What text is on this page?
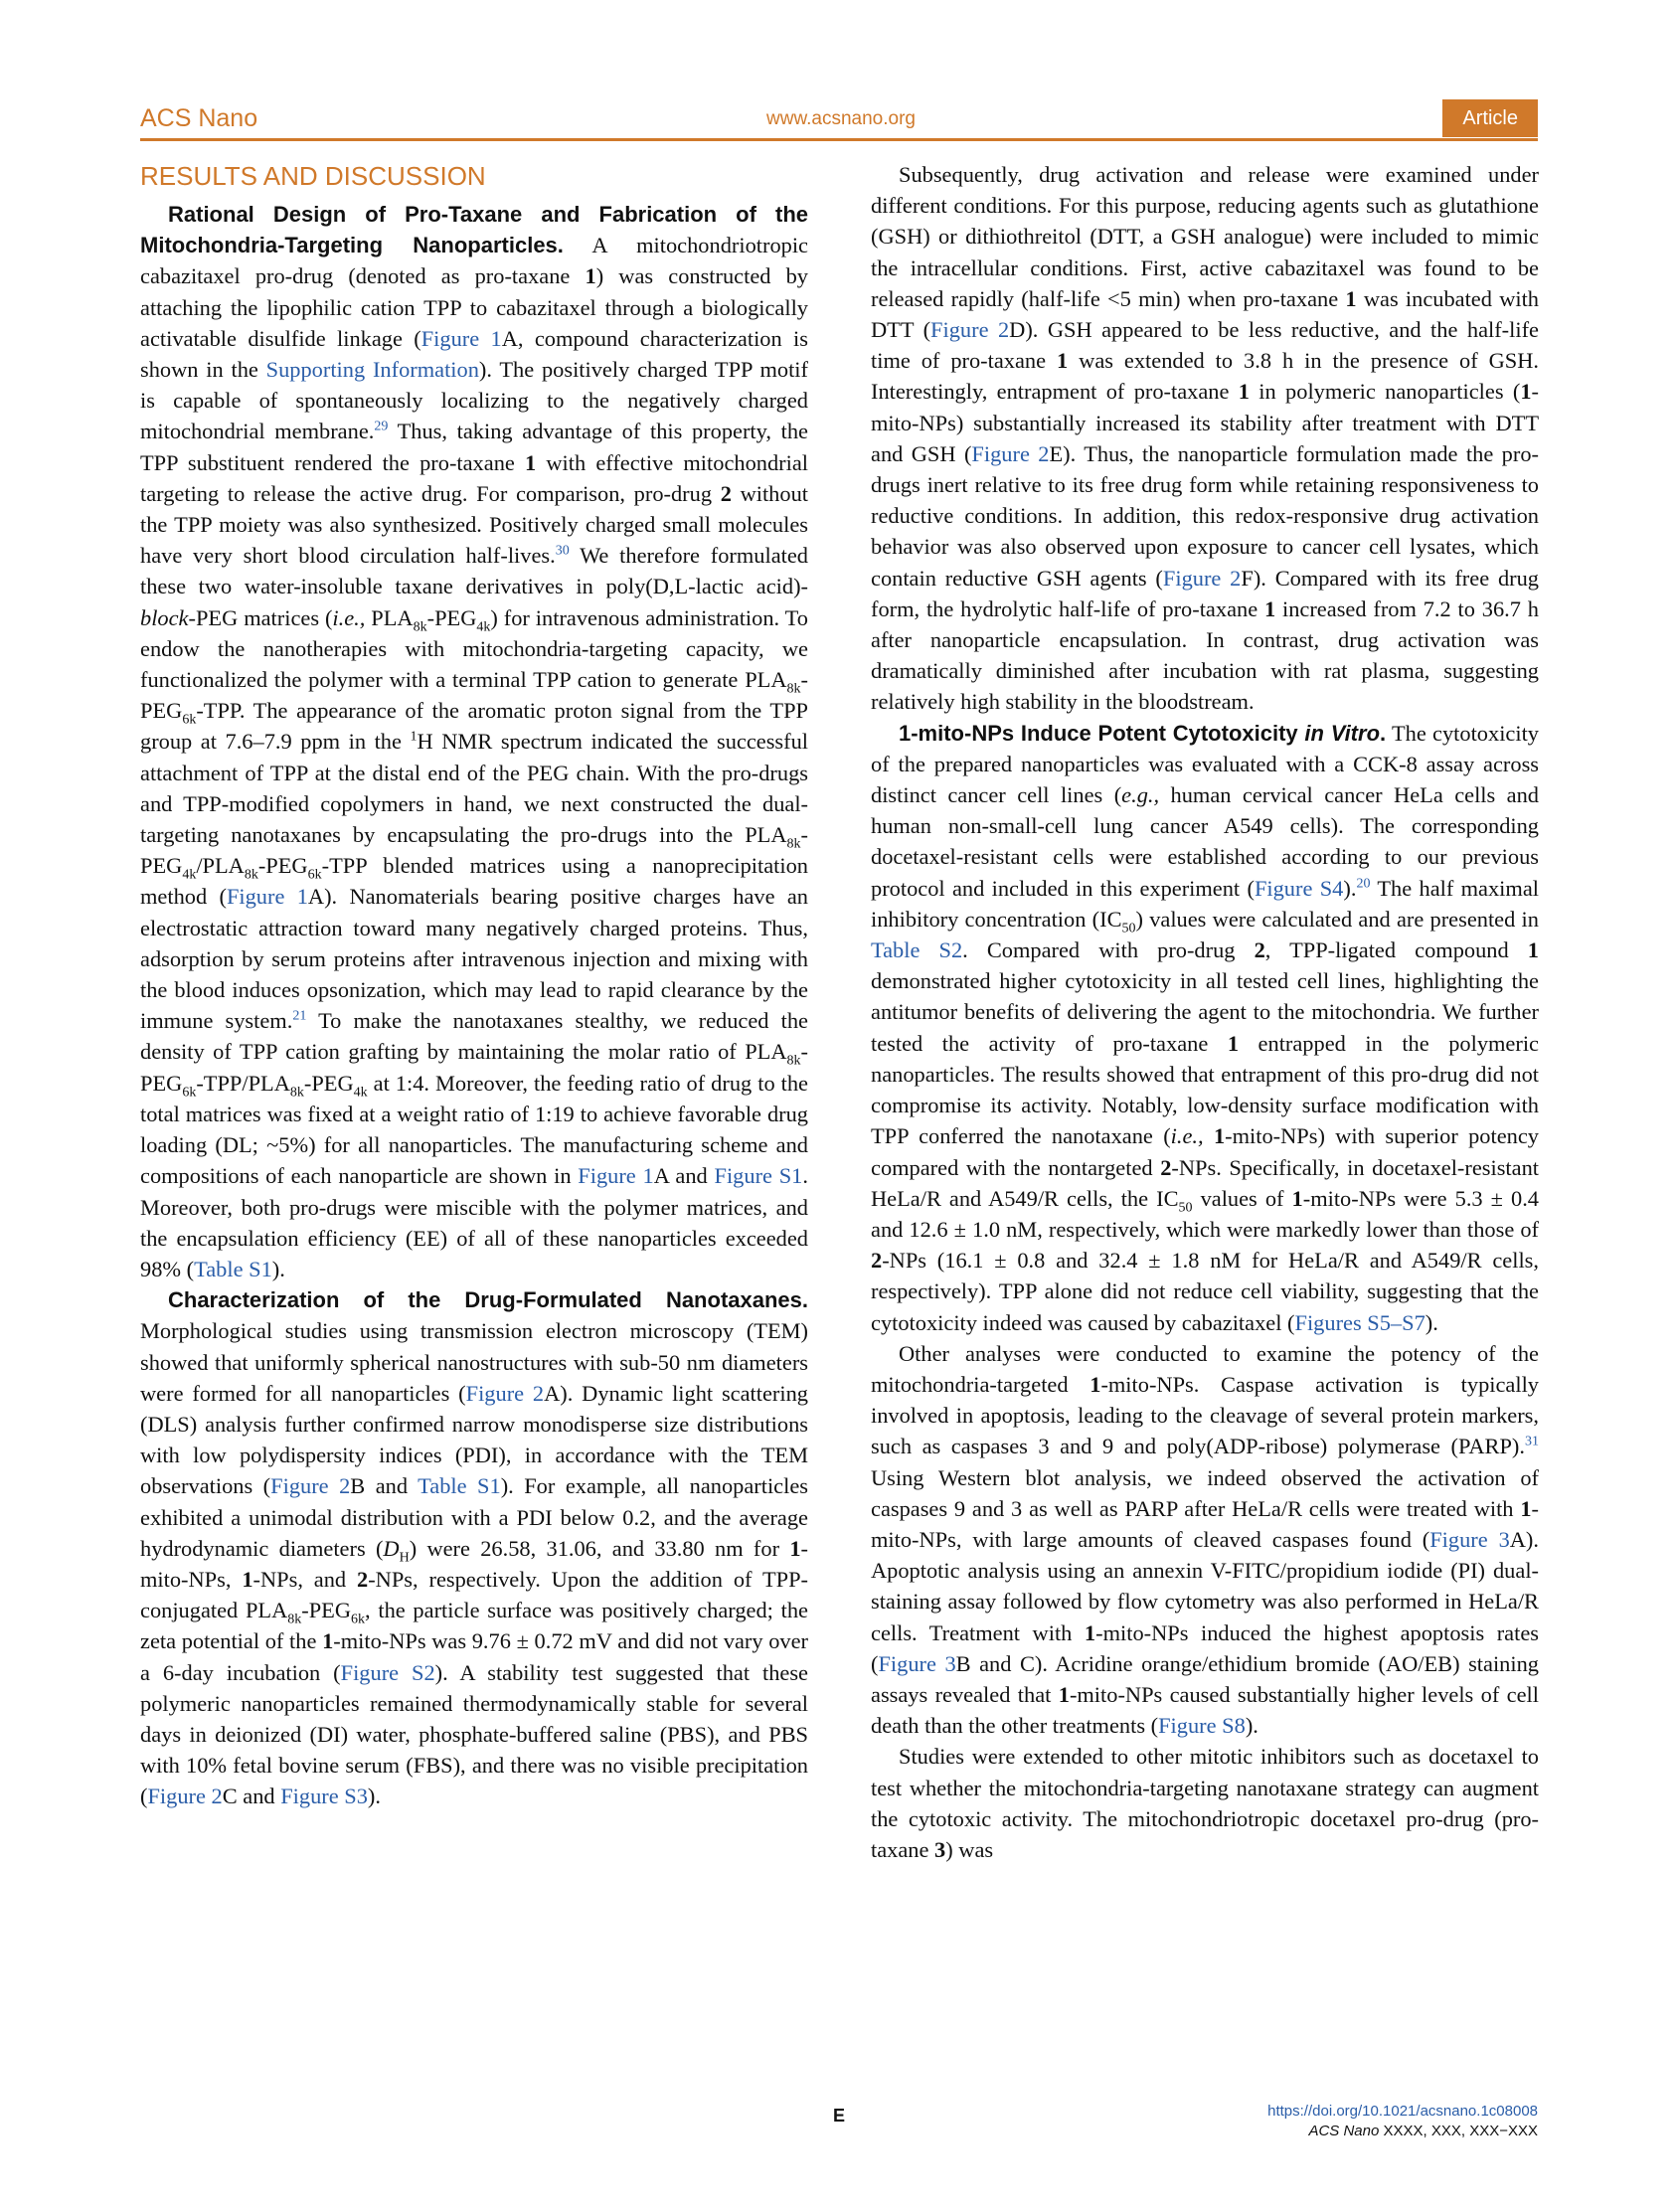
ACS Nano	www.acsnano.org	Article
RESULTS AND DISCUSSION

Rational Design of Pro-Taxane and Fabrication of the Mitochondria-Targeting Nanoparticles. A mitochondriotropic cabazitaxel pro-drug (denoted as pro-taxane 1) was constructed by attaching the lipophilic cation TPP to cabazitaxel through a biologically activatable disulfide linkage (Figure 1A, compound characterization is shown in the Supporting Information). The positively charged TPP motif is capable of spontaneously localizing to the negatively charged mitochondrial membrane.$^{29}$ Thus, taking advantage of this property, the TPP substituent rendered the pro-taxane 1 with effective mitochondrial targeting to release the active drug. For comparison, pro-drug 2 without the TPP moiety was also synthesized. Positively charged small molecules have very short blood circulation half-lives.$^{30}$ We therefore formulated these two water-insoluble taxane derivatives in poly(D,L-lactic acid)-block-PEG matrices (i.e., $PLA_{8k}-PEG_{4k}$) for intravenous administration. To endow the nanotherapies with mitochondria-targeting capacity, we functionalized the polymer with a terminal TPP cation to generate $PLA_{8k}-PEG_{6k}$-TPP. The appearance of the aromatic proton signal from the TPP group at 7.6–7.9 ppm in the $^1$H NMR spectrum indicated the successful attachment of TPP at the distal end of the PEG chain. With the pro-drugs and TPP-modified copolymers in hand, we next constructed the dual-targeting nanotaxanes by encapsulating the pro-drugs into the $PLA_{8k}-PEG_{4k}/PLA_{8k}-PEG_{6k}$-TPP blended matrices using a nanoprecipitation method (Figure 1A). Nanomaterials bearing positive charges have an electrostatic attraction toward many negatively charged proteins. Thus, adsorption by serum proteins after intravenous injection and mixing with the blood induces opsonization, which may lead to rapid clearance by the immune system.$^{21}$ To make the nanotaxanes stealthy, we reduced the density of TPP cation grafting by maintaining the molar ratio of $PLA_{8k}-PEG_{6k}-TPP/PLA_{8k}-PEG_{4k}$ at 1:4. Moreover, the feeding ratio of drug to the total matrices was fixed at a weight ratio of 1:19 to achieve favorable drug loading (DL; ~5%) for all nanoparticles. The manufacturing scheme and compositions of each nanoparticle are shown in Figure 1A and Figure S1. Moreover, both pro-drugs were miscible with the polymer matrices, and the encapsulation efficiency (EE) of all of these nanoparticles exceeded 98% (Table S1).

Characterization of the Drug-Formulated Nanotaxanes. Morphological studies using transmission electron microscopy (TEM) showed that uniformly spherical nanostructures with sub-50 nm diameters were formed for all nanoparticles (Figure 2A). Dynamic light scattering (DLS) analysis further confirmed narrow monodisperse size distributions with low polydispersity indices (PDI), in accordance with the TEM observations (Figure 2B and Table S1). For example, all nanoparticles exhibited a unimodal distribution with a PDI below 0.2, and the average hydrodynamic diameters $(D_H)$ were 26.58, 31.06, and 33.80 nm for 1-mito-NPs, 1-NPs, and 2-NPs, respectively. Upon the addition of TPP-conjugated $PLA_{8k}-PEG_{6k}$, the particle surface was positively charged; the zeta potential of the 1-mito-NPs was 9.76 ± 0.72 mV and did not vary over a 6-day incubation (Figure S2). A stability test suggested that these polymeric nanoparticles remained thermodynamically stable for several days in deionized (DI) water, phosphate-buffered saline (PBS), and PBS with 10% fetal bovine serum (FBS), and there was no visible precipitation (Figure 2C and Figure S3).

Subsequently, drug activation and release were examined under different conditions. For this purpose, reducing agents such as glutathione (GSH) or dithiothreitol (DTT, a GSH analogue) were included to mimic the intracellular conditions. First, active cabazitaxel was found to be released rapidly (half-life <5 min) when pro-taxane 1 was incubated with DTT (Figure 2D). GSH appeared to be less reductive, and the half-life time of pro-taxane 1 was extended to 3.8 h in the presence of GSH. Interestingly, entrapment of pro-taxane 1 in polymeric nanoparticles (1-mito-NPs) substantially increased its stability after treatment with DTT and GSH (Figure 2E). Thus, the nanoparticle formulation made the pro-drugs inert relative to its free drug form while retaining responsiveness to reductive conditions. In addition, this redox-responsive drug activation behavior was also observed upon exposure to cancer cell lysates, which contain reductive GSH agents (Figure 2F). Compared with its free drug form, the hydrolytic half-life of pro-taxane 1 increased from 7.2 to 36.7 h after nanoparticle encapsulation. In contrast, drug activation was dramatically diminished after incubation with rat plasma, suggesting relatively high stability in the bloodstream.

1-mito-NPs Induce Potent Cytotoxicity in Vitro. The cytotoxicity of the prepared nanoparticles was evaluated with a CCK-8 assay across distinct cancer cell lines (e.g., human cervical cancer HeLa cells and human non-small-cell lung cancer A549 cells). The corresponding docetaxel-resistant cells were established according to our previous protocol and included in this experiment (Figure S4).$^{20}$ The half maximal inhibitory concentration $(IC_{50})$ values were calculated and are presented in Table S2. Compared with pro-drug 2, TPP-ligated compound 1 demonstrated higher cytotoxicity in all tested cell lines, highlighting the antitumor benefits of delivering the agent to the mitochondria. We further tested the activity of pro-taxane 1 entrapped in the polymeric nanoparticles. The results showed that entrapment of this pro-drug did not compromise its activity. Notably, low-density surface modification with TPP conferred the nanotaxane (i.e., 1-mito-NPs) with superior potency compared with the nontargeted 2-NPs. Specifically, in docetaxel-resistant HeLa/R and A549/R cells, the $IC_{50}$ values of 1-mito-NPs were 5.3 ± 0.4 and 12.6 ± 1.0 nM, respectively, which were markedly lower than those of 2-NPs (16.1 ± 0.8 and 32.4 ± 1.8 nM for HeLa/R and A549/R cells, respectively). TPP alone did not reduce cell viability, suggesting that the cytotoxicity indeed was caused by cabazitaxel (Figures S5–S7).

Other analyses were conducted to examine the potency of the mitochondria-targeted 1-mito-NPs. Caspase activation is typically involved in apoptosis, leading to the cleavage of several protein markers, such as caspases 3 and 9 and poly(ADP-ribose) polymerase (PARP).$^{31}$ Using Western blot analysis, we indeed observed the activation of caspases 9 and 3 as well as PARP after HeLa/R cells were treated with 1-mito-NPs, with large amounts of cleaved caspases found (Figure 3A). Apoptotic analysis using an annexin V-FITC/propidium iodide (PI) dual-staining assay followed by flow cytometry was also performed in HeLa/R cells. Treatment with 1-mito-NPs induced the highest apoptosis rates (Figure 3B and C). Acridine orange/ethidium bromide (AO/EB) staining assays revealed that 1-mito-NPs caused substantially higher levels of cell death than the other treatments (Figure S8).

Studies were extended to other mitotic inhibitors such as docetaxel to test whether the mitochondria-targeting nanotaxane strategy can augment the cytotoxic activity. The mitochondriotropic docetaxel pro-drug (pro-taxane 3) was

E	https://doi.org/10.1021/acsnano.1c08008
ACS Nano XXXX, XXX, XXX−XXX
